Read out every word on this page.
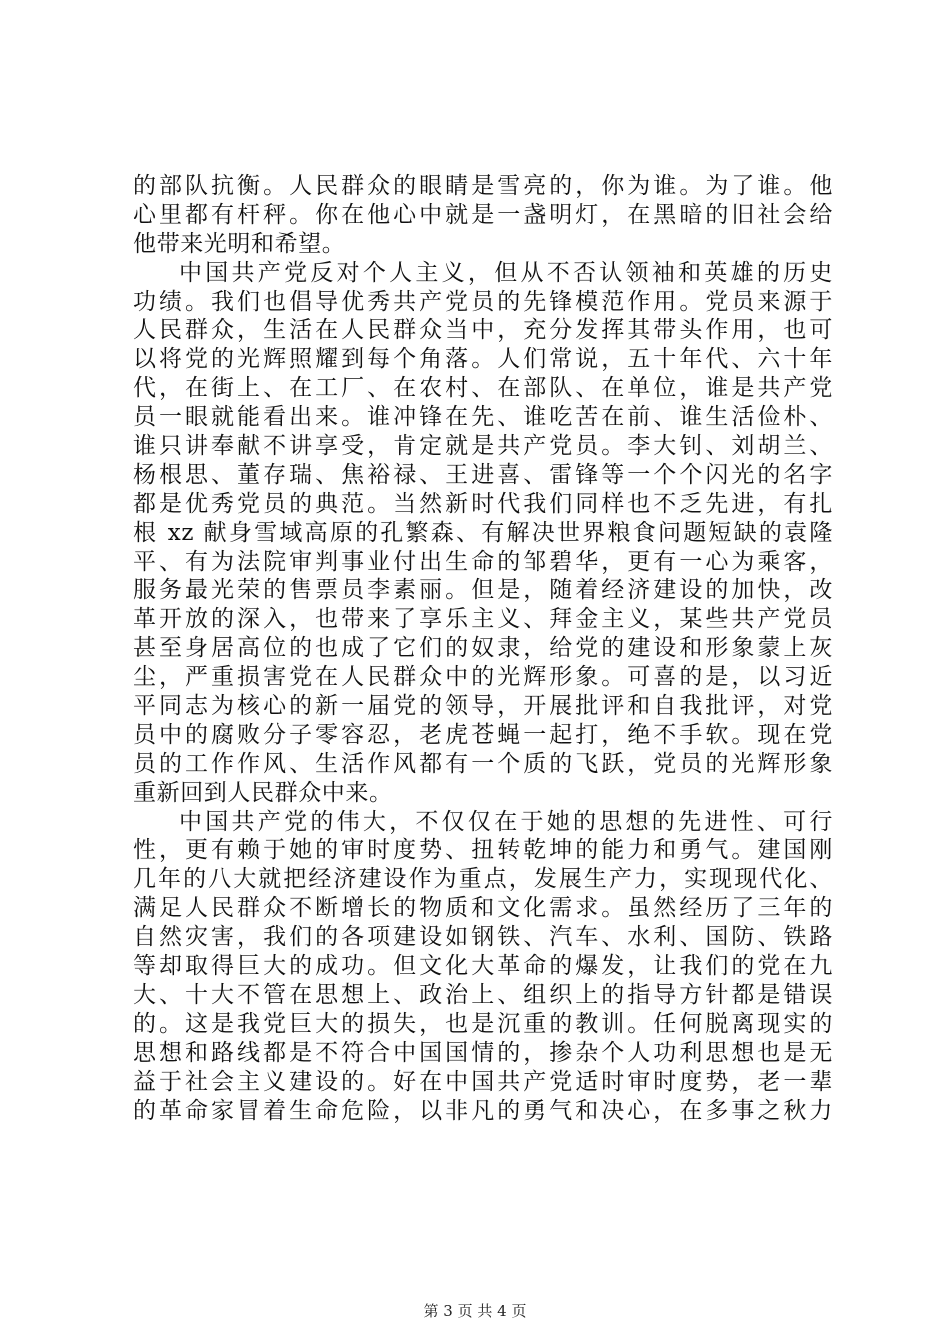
的部队抗衡。人民群众的眼睛是雪亮的，你为谁。为了谁。他
心里都有杆秤。你在他心中就是一盏明灯，在黑暗的旧社会给
他带来光明和希望。
中国共产党反对个人主义，但从不否认领袖和英雄的历史
功绩。我们也倡导优秀共产党员的先锋模范作用。党员来源于
人民群众，生活在人民群众当中，充分发挥其带头作用，也可
以将党的光辉照耀到每个角落。人们常说，五十年代、六十年
代，在街上、在工厂、在农村、在部队、在单位，谁是共产党
员一眼就能看出来。谁冲锋在先、谁吃苦在前、谁生活俭朴、
谁只讲奉献不讲享受，肯定就是共产党员。李大钊、刘胡兰、
杨根思、董存瑞、焦裕禄、王进喜、雷锋等一个个闪光的名字
都是优秀党员的典范。当然新时代我们同样也不乏先进，有扎
根 xz 献身雪域高原的孔繁森、有解决世界粮食问题短缺的袁隆
平、有为法院审判事业付出生命的邹碧华，更有一心为乘客，
服务最光荣的售票员李素丽。但是，随着经济建设的加快，改
革开放的深入，也带来了享乐主义、拜金主义，某些共产党员
甚至身居高位的也成了它们的奴隶，给党的建设和形象蒙上灰
尘，严重损害党在人民群众中的光辉形象。可喜的是，以习近
平同志为核心的新一届党的领导，开展批评和自我批评，对党
员中的腐败分子零容忍，老虎苍蝇一起打，绝不手软。现在党
员的工作作风、生活作风都有一个质的飞跃，党员的光辉形象
重新回到人民群众中来。
中国共产党的伟大，不仅仅在于她的思想的先进性、可行
性，更有赖于她的审时度势、扭转乾坤的能力和勇气。建国刚
几年的八大就把经济建设作为重点，发展生产力，实现现代化、
满足人民群众不断增长的物质和文化需求。虽然经历了三年的
自然灾害，我们的各项建设如钢铁、汽车、水利、国防、铁路
等却取得巨大的成功。但文化大革命的爆发，让我们的党在九
大、十大不管在思想上、政治上、组织上的指导方针都是错误
的。这是我党巨大的损失，也是沉重的教训。任何脱离现实的
思想和路线都是不符合中国国情的，掺杂个人功利思想也是无
益于社会主义建设的。好在中国共产党适时审时度势，老一辈
的革命家冒着生命危险，以非凡的勇气和决心，在多事之秋力
第 3 页 共 4 页
